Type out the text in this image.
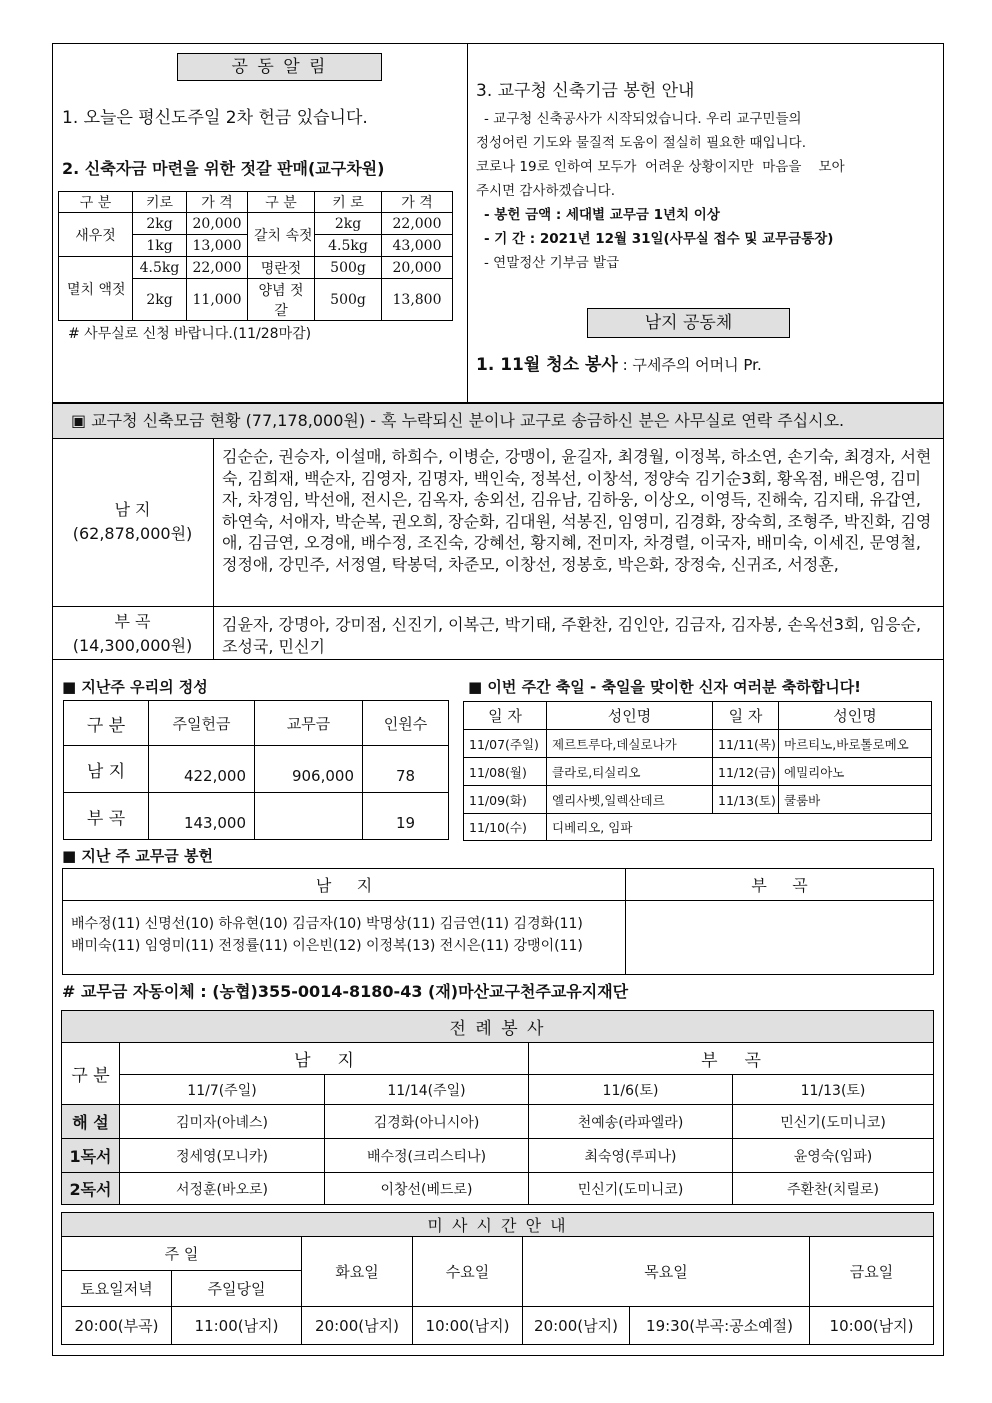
공 동 알 림
1. 오늘은 평신도주일 2차 헌금 있습니다.
2. 신축자금 마련을 위한 젓갈 판매(교구차원)
구 분	키로	가 격	구 분	키 로	가 격
새우젓	2kg	20,000	갈치 속젓	2kg	22,000
	1kg	13,000		4.5kg	43,000
멸치 액젓	4.5kg	22,000	명란젓	500g	20,000
	2kg	11,000	양념 젓갈	500g	13,800
# 사무실로 신청 바랍니다.(11/28마감)
3. 교구청 신축기금 봉헌 안내
- 교구청 신축공사가 시작되었습니다. 우리 교구민들의
정성어린 기도와 물질적 도움이 절실히 필요한 때입니다.
코로나 19로 인하여 모두가  어려운 상황이지만  마음을    모아
주시면 감사하겠습니다.
- 봉헌 금액 : 세대별 교무금 1년치 이상
- 기 간 : 2021년 12월 31일(사무실 접수 및 교무금통장)
- 연말정산 기부금 발급
남지 공동체
1. 11월 청소 봉사 : 구세주의 어머니 Pr.
▣ 교구청 신축모금 현황 (77,178,000원) - 혹 누락되신 분이나 교구로 송금하신 분은 사무실로 연락 주십시오.
남 지
(62,878,000원)
김순순, 권승자, 이설매, 하희수, 이병순, 강맹이, 윤길자, 최경월, 이정복, 하소연, 손기숙, 최경자, 서현숙, 김희재, 백순자, 김영자, 김명자, 백인숙, 정복선, 이창석, 정양숙 김기순3회, 황옥점, 배은영, 김미자, 차경임, 박선애, 전시은, 김옥자, 송외선, 김유남, 김하웅, 이상오, 이영득, 진해숙, 김지태, 유갑연, 하연숙, 서애자, 박순복, 권오희, 장순화, 김대원, 석봉진, 임영미, 김경화, 장숙희, 조형주, 박진화, 김영애, 김금연, 오경애, 배수정, 조진숙, 강혜선, 황지혜, 전미자, 차경렬, 이국자, 배미숙, 이세진, 문영철, 정정애, 강민주, 서정열, 탁봉덕, 차준모, 이창선, 정봉호, 박은화, 장정숙, 신귀조, 서정훈,
부 곡
(14,300,000원)
김윤자, 강명아, 강미점, 신진기, 이복근, 박기태, 주환찬, 김인안, 김금자, 김자봉, 손옥선3회, 임응순, 조성국, 민신기
■ 지난주 우리의 정성
구 분	주일헌금	교무금	인원수
남 지	422,000	906,000	78
부 곡	143,000		19
■ 이번 주간 축일 - 축일을 맞이한 신자 여러분 축하합니다!
일 자	성인명	일 자	성인명
11/07(주일)	제르트루다,데실로나가	11/11(목)	마르티노,바로톨로메오
11/08(월)	클라로,티실리오	11/12(금)	에밀리아노
11/09(화)	엘리사벳,일렉산데르	11/13(토)	쿨룸바
11/10(수)	디베리오, 임파		
■ 지난 주 교무금 봉헌
남     지	부     곡

배수정(11) 신명선(10) 하유현(10) 김금자(10) 박명상(11) 김금연(11) 김경화(11)
배미숙(11) 임영미(11) 전정률(11) 이은빈(12) 이정복(13) 전시은(11) 강맹이(11)	

# 교무금 자동이체 : (농협)355-0014-8180-43 (재)마산교구천주교유지재단
전 례 봉 사				
구 분	남     지		부     곡	
	11/7(주일)	11/14(주일)	11/6(토)	11/13(토)
해 설	김미자(아녜스)	김경화(아니시아)	천예송(라파엘라)	민신기(도미니코)
1독서	정세영(모니카)	배수정(크리스티나)	최숙영(루피나)	윤영숙(임파)
2독서	서정훈(바오로)	이창선(베드로)	민신기(도미니코)	주환찬(치릴로)
미 사 시 간 안 내						
주 일		화요일	수요일	목요일		금요일
토요일저녁	주일당일					
20:00(부곡)	11:00(남지)	20:00(남지)	10:00(남지)	20:00(남지)	19:30(부곡:공소예절)	10:00(남지)
